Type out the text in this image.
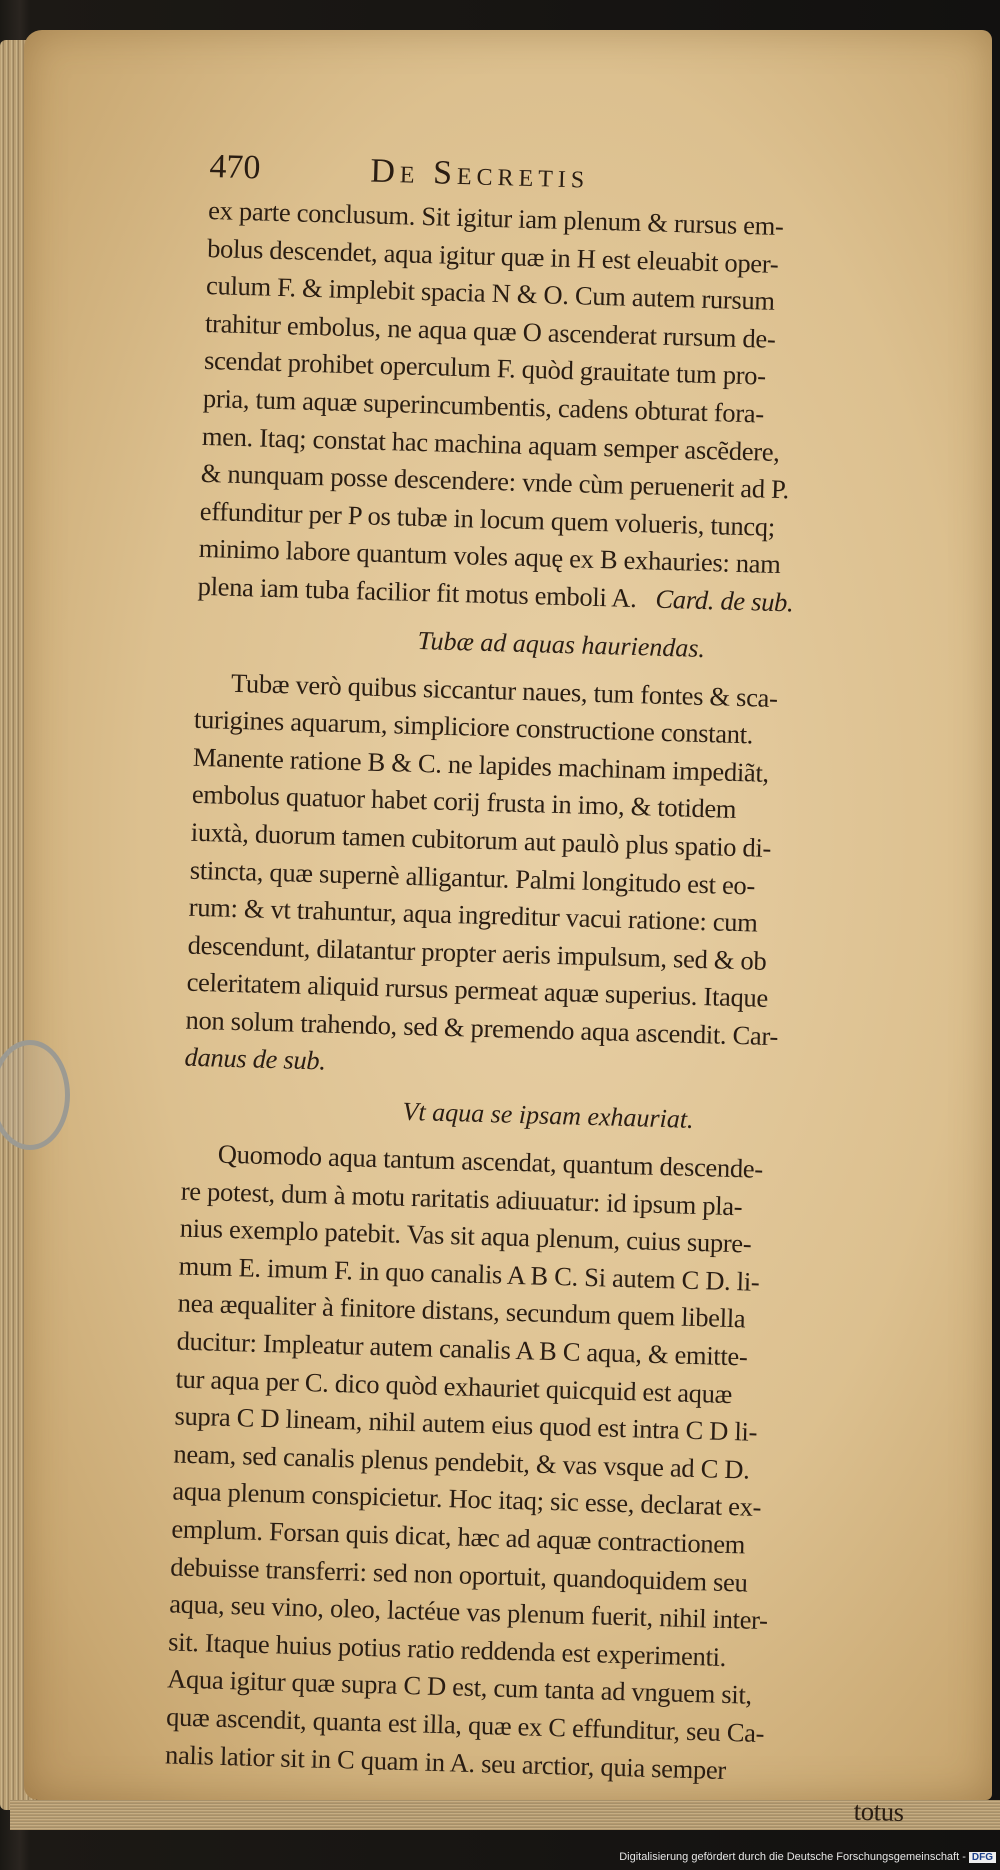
470	De Secretis
ex parte conclusum. Sit igitur iam plenum & rursus em-
bolus descendet, aqua igitur quæ in H est eleuabit oper-
culum F. & implebit spacia N & O. Cum autem rursum
trahitur embolus, ne aqua quæ O ascenderat rursum de-
scendat prohibet operculum F. quòd grauitate tum pro-
pria, tum aquæ superincumbentis, cadens obturat fora-
men. Itaq; constat hac machina aquam semper ascẽdere,
& nunquam posse descendere: vnde cùm peruenerit ad P.
effunditur per P os tubæ in locum quem volueris, tuncq;
minimo labore quantum voles aquę ex B exhauries: nam
plena iam tuba facilior fit motus emboli A. Card. de sub.
Tubæ ad aquas hauriendas.
Tubæ verò quibus siccantur naues, tum fontes & sca-
turigines aquarum, simpliciore constructione constant.
Manente ratione B & C. ne lapides machinam impediãt,
embolus quatuor habet corij frusta in imo, & totidem
iuxtà, duorum tamen cubitorum aut paulò plus spatio di-
stincta, quæ supernè alligantur. Palmi longitudo est eo-
rum: & vt trahuntur, aqua ingreditur vacui ratione: cum
descendunt, dilatantur propter aeris impulsum, sed & ob
celeritatem aliquid rursus permeat aquæ superius. Itaque
non solum trahendo, sed & premendo aqua ascendit. Car-
danus de sub.
Vt aqua se ipsam exhauriat.
Quomodo aqua tantum ascendat, quantum descende-
re potest, dum à motu raritatis adiuuatur: id ipsum pla-
nius exemplo patebit. Vas sit aqua plenum, cuius supre-
mum E. imum F. in quo canalis A B C. Si autem C D. li-
nea æqualiter à finitore distans, secundum quem libella
ducitur: Impleatur autem canalis A B C aqua, & emitte-
tur aqua per C. dico quòd exhauriet quicquid est aquæ
supra C D lineam, nihil autem eius quod est intra C D li-
neam, sed canalis plenus pendebit, & vas vsque ad C D.
aqua plenum conspicietur. Hoc itaq; sic esse, declarat ex-
emplum. Forsan quis dicat, hæc ad aquæ contractionem
debuisse transferri: sed non oportuit, quandoquidem seu
aqua, seu vino, oleo, lactéue vas plenum fuerit, nihil inter-
sit. Itaque huius potius ratio reddenda est experimenti.
Aqua igitur quæ supra C D est, cum tanta ad vnguem sit,
quæ ascendit, quanta est illa, quæ ex C effunditur, seu Ca-
nalis latior sit in C quam in A. seu arctior, quia semper
totus
Digitalisierung gefördert durch die Deutsche Forschungsgemeinschaft - DFG
